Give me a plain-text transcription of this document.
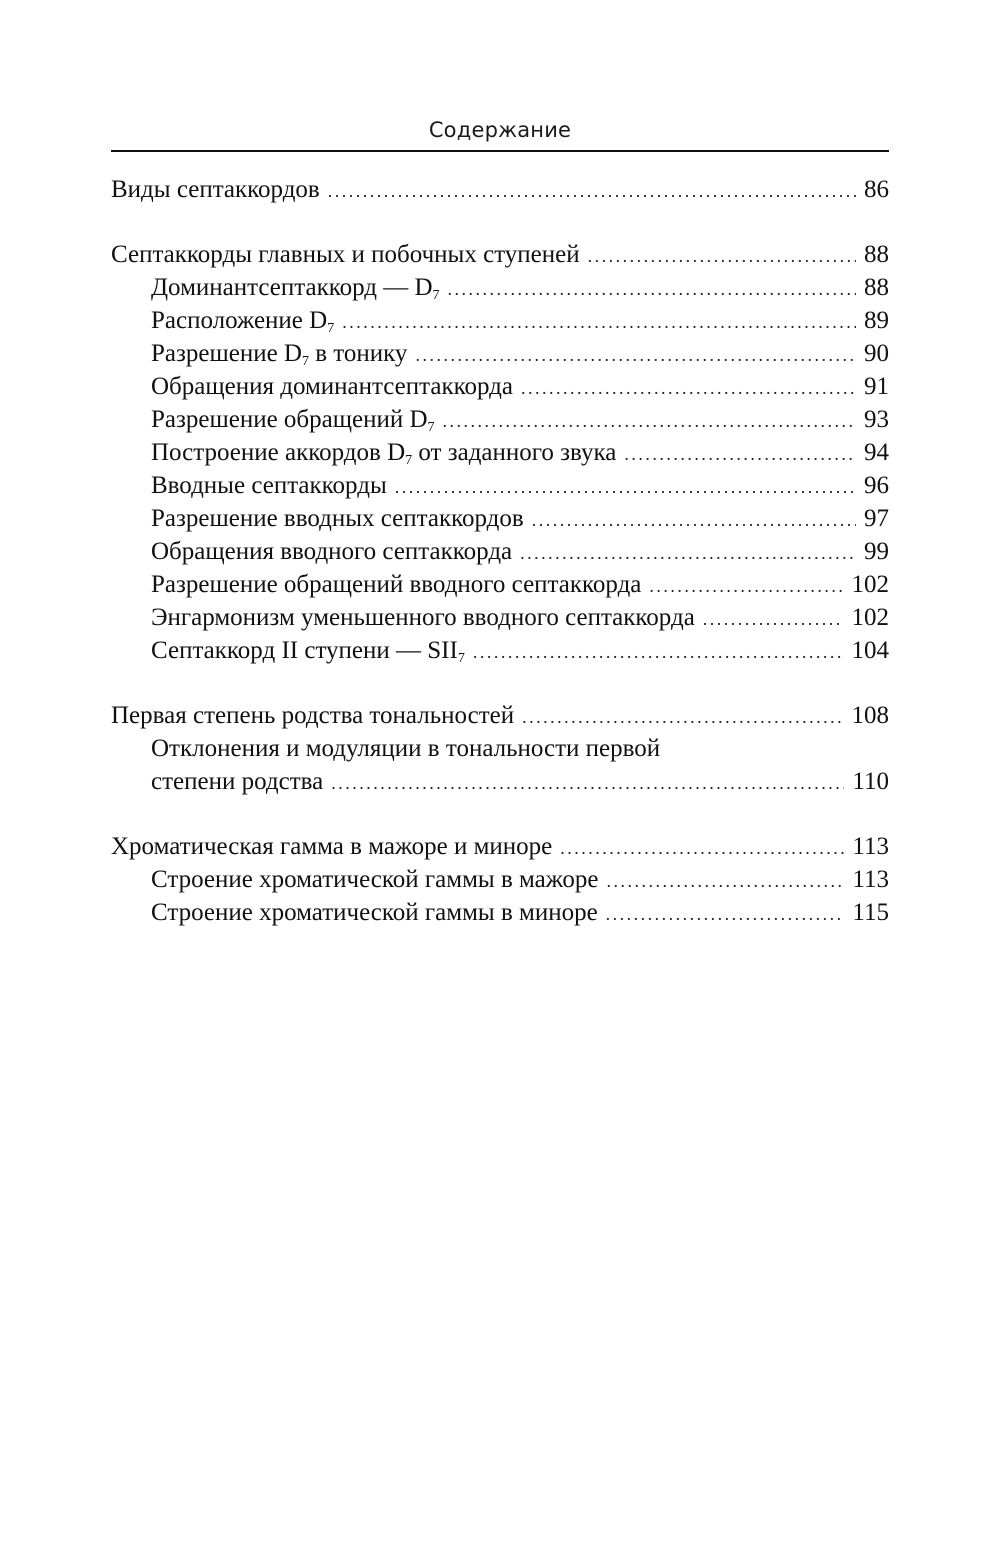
Содержание
Виды септаккордов . . .	86
Септаккорды главных и побочных ступеней . . .	88
Доминантсептаккорд — $D_7$ . . .	88
Расположение $D_7$ . . .	89
Разрешение $D_7$ в тонику . . .	90
Обращения доминантсептаккорда . . .	91
Разрешение обращений $D_7$ . . .	93
Построение аккордов $D_7$ от заданного звука . . .	94
Вводные септаккорды . . .	96
Разрешение вводных септаккордов . . .	97
Обращения вводного септаккорда . . .	99
Разрешение обращений вводного септаккорда . . .	102
Энгармонизм уменьшенного вводного септаккорда . . .	102
Септаккорд II ступени — $SII_7$ . . .	104
Первая степень родства тональностей . . .	108
Отклонения и модуляции в тональности первой
степени родства . . .	110
Хроматическая гамма в мажоре и миноре . . .	113
Строение хроматической гаммы в мажоре . . .	113
Строение хроматической гаммы в миноре . . .	115
